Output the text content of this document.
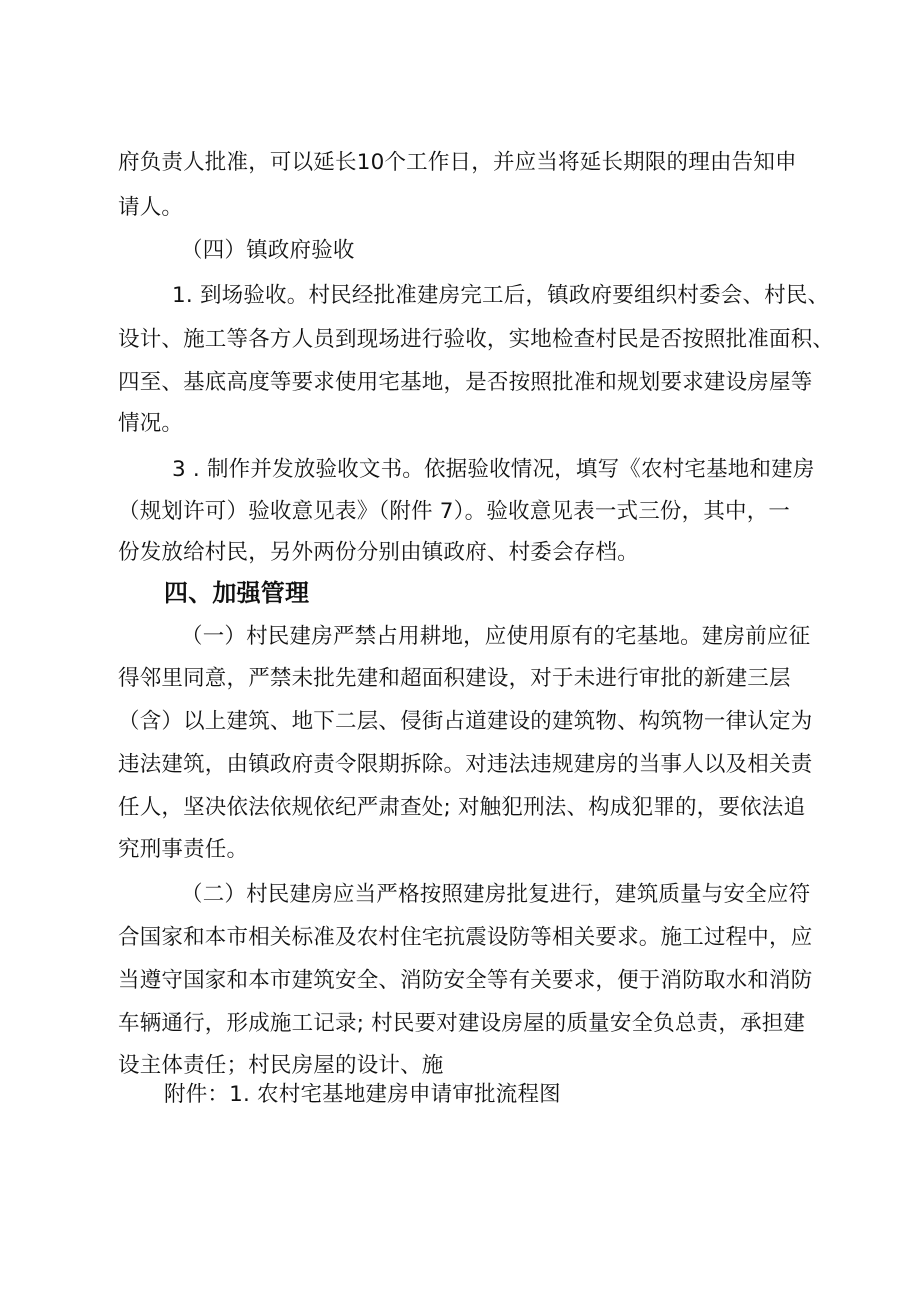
府负责人批准，可以延长10个工作日，并应当将延长期限的理由告知申
请人。
（四）镇政府验收
1. 到场验收。村民经批准建房完工后，镇政府要组织村委会、村民、
设计、施工等各方人员到现场进行验收，实地检查村民是否按照批准面积、
四至、基底高度等要求使用宅基地，是否按照批准和规划要求建设房屋等
情况。
3 . 制作并发放验收文书。依据验收情况，填写《农村宅基地和建房
（规划许可）验收意见表》（附件 7）。验收意见表一式三份，其中，一
份发放给村民，另外两份分别由镇政府、村委会存档。
四、加强管理
（一）村民建房严禁占用耕地，应使用原有的宅基地。建房前应征
得邻里同意，严禁未批先建和超面积建设，对于未进行审批的新建三层
（含）以上建筑、地下二层、侵街占道建设的建筑物、构筑物一律认定为
违法建筑，由镇政府责令限期拆除。对违法违规建房的当事人以及相关责
任人，坚决依法依规依纪严肃查处; 对触犯刑法、构成犯罪的，要依法追
究刑事责任。
（二）村民建房应当严格按照建房批复进行，建筑质量与安全应符
合国家和本市相关标准及农村住宅抗震设防等相关要求。施工过程中，应
当遵守国家和本市建筑安全、消防安全等有关要求，便于消防取水和消防
车辆通行，形成施工记录; 村民要对建设房屋的质量安全负总责，承担建
设主体责任；村民房屋的设计、施
附件：1. 农村宅基地建房申请审批流程图
